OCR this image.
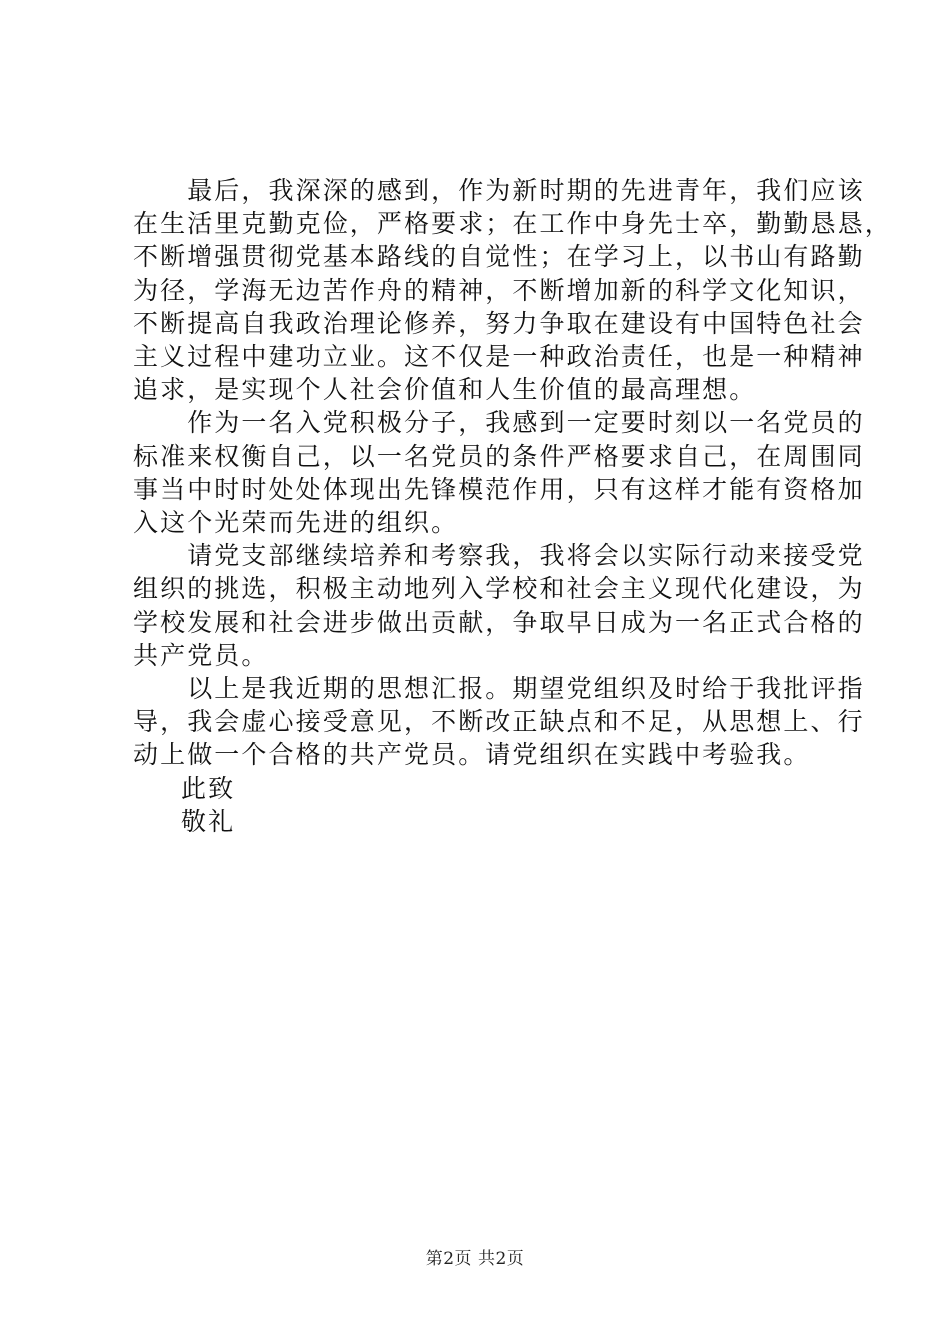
　　最后，我深深的感到，作为新时期的先进青年，我们应该
在生活里克勤克俭，严格要求；在工作中身先士卒，勤勤恳恳，
不断增强贯彻党基本路线的自觉性；在学习上，以书山有路勤
为径，学海无边苦作舟的精神，不断增加新的科学文化知识，
不断提高自我政治理论修养，努力争取在建设有中国特色社会
主义过程中建功立业。这不仅是一种政治责任，也是一种精神
追求，是实现个人社会价值和人生价值的最高理想。
　　作为一名入党积极分子，我感到一定要时刻以一名党员的
标准来权衡自己，以一名党员的条件严格要求自己，在周围同
事当中时时处处体现出先锋模范作用，只有这样才能有资格加
入这个光荣而先进的组织。
　　请党支部继续培养和考察我，我将会以实际行动来接受党
组织的挑选，积极主动地列入学校和社会主义现代化建设，为
学校发展和社会进步做出贡献，争取早日成为一名正式合格的
共产党员。
　　以上是我近期的思想汇报。期望党组织及时给于我批评指
导，我会虚心接受意见，不断改正缺点和不足，从思想上、行
动上做一个合格的共产党员。请党组织在实践中考验我。
此致
敬礼
第2页 共2页
